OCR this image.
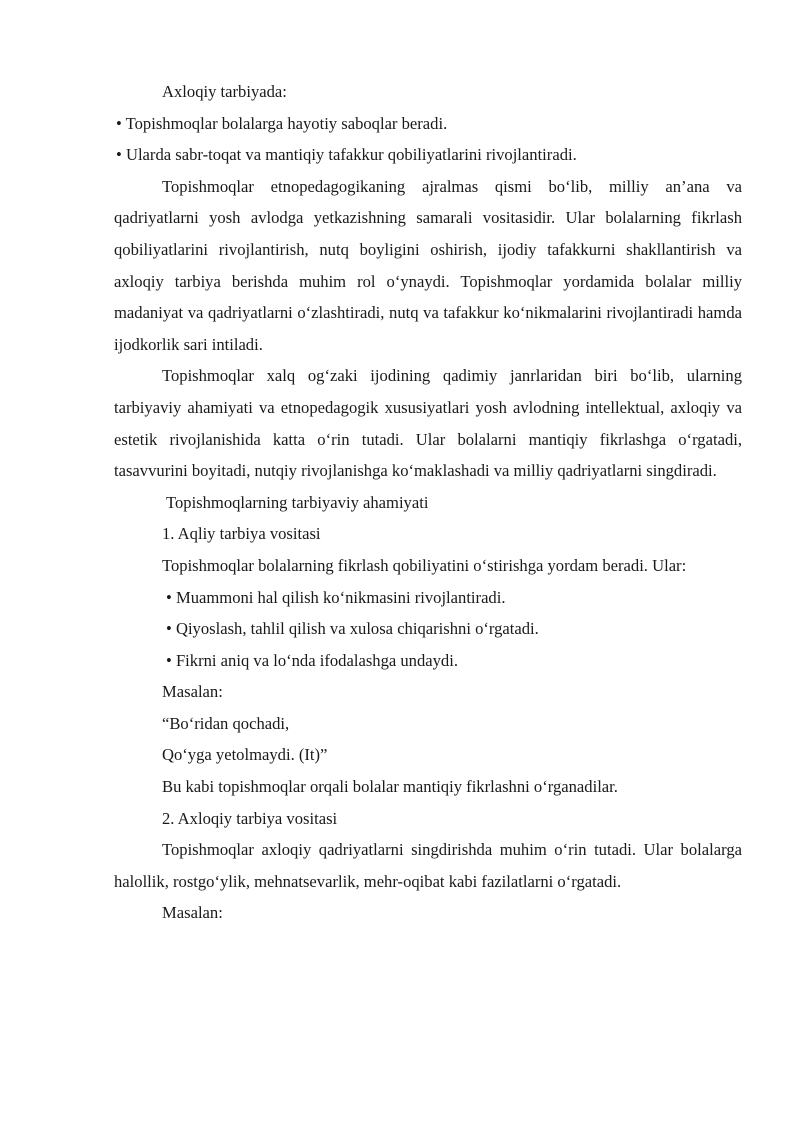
Axloqiy tarbiyada:

• Topishmoqlar bolalarga hayotiy saboqlar beradi.

• Ularda sabr-toqat va mantiqiy tafakkur qobiliyatlarini rivojlantiradi.

Topishmoqlar etnopedagogikaning ajralmas qismi bo‘lib, milliy an’ana va qadriyatlarni yosh avlodga yetkazishning samarali vositasidir. Ular bolalarning fikrlash qobiliyatlarini rivojlantirish, nutq boyligini oshirish, ijodiy tafakkurni shakllantirish va axloqiy tarbiya berishda muhim rol o‘ynaydi. Topishmoqlar yordamida bolalar milliy madaniyat va qadriyatlarni o‘zlashtiradi, nutq va tafakkur ko‘nikmalarini rivojlantiradi hamda ijodkorlik sari intiladi.

Topishmoqlar xalq og‘zaki ijodining qadimiy janrlaridan biri bo‘lib, ularning tarbiyaviy ahamiyati va etnopedagogik xususiyatlari yosh avlodning intellektual, axloqiy va estetik rivojlanishida katta o‘rin tutadi. Ular bolalarni mantiqiy fikrlashga o‘rgatadi, tasavvurini boyitadi, nutqiy rivojlanishga ko‘maklashadi va milliy qadriyatlarni singdiradi.

Topishmoqlarning tarbiyaviy ahamiyati

1. Aqliy tarbiya vositasi

Topishmoqlar bolalarning fikrlash qobiliyatini o‘stirishga yordam beradi. Ular:

• Muammoni hal qilish ko‘nikmasini rivojlantiradi.

• Qiyoslash, tahlil qilish va xulosa chiqarishni o‘rgatadi.

• Fikrni aniq va lo‘nda ifodalashga undaydi.

Masalan:

“Bo‘ridan qochadi,

Qo‘yga yetolmaydi. (It)”

Bu kabi topishmoqlar orqali bolalar mantiqiy fikrlashni o‘rganadilar.

2. Axloqiy tarbiya vositasi

Topishmoqlar axloqiy qadriyatlarni singdirishda muhim o‘rin tutadi. Ular bolalarga halollik, rostgo‘ylik, mehnatsevarlik, mehr-oqibat kabi fazilatlarni o‘rgatadi.

Masalan:
